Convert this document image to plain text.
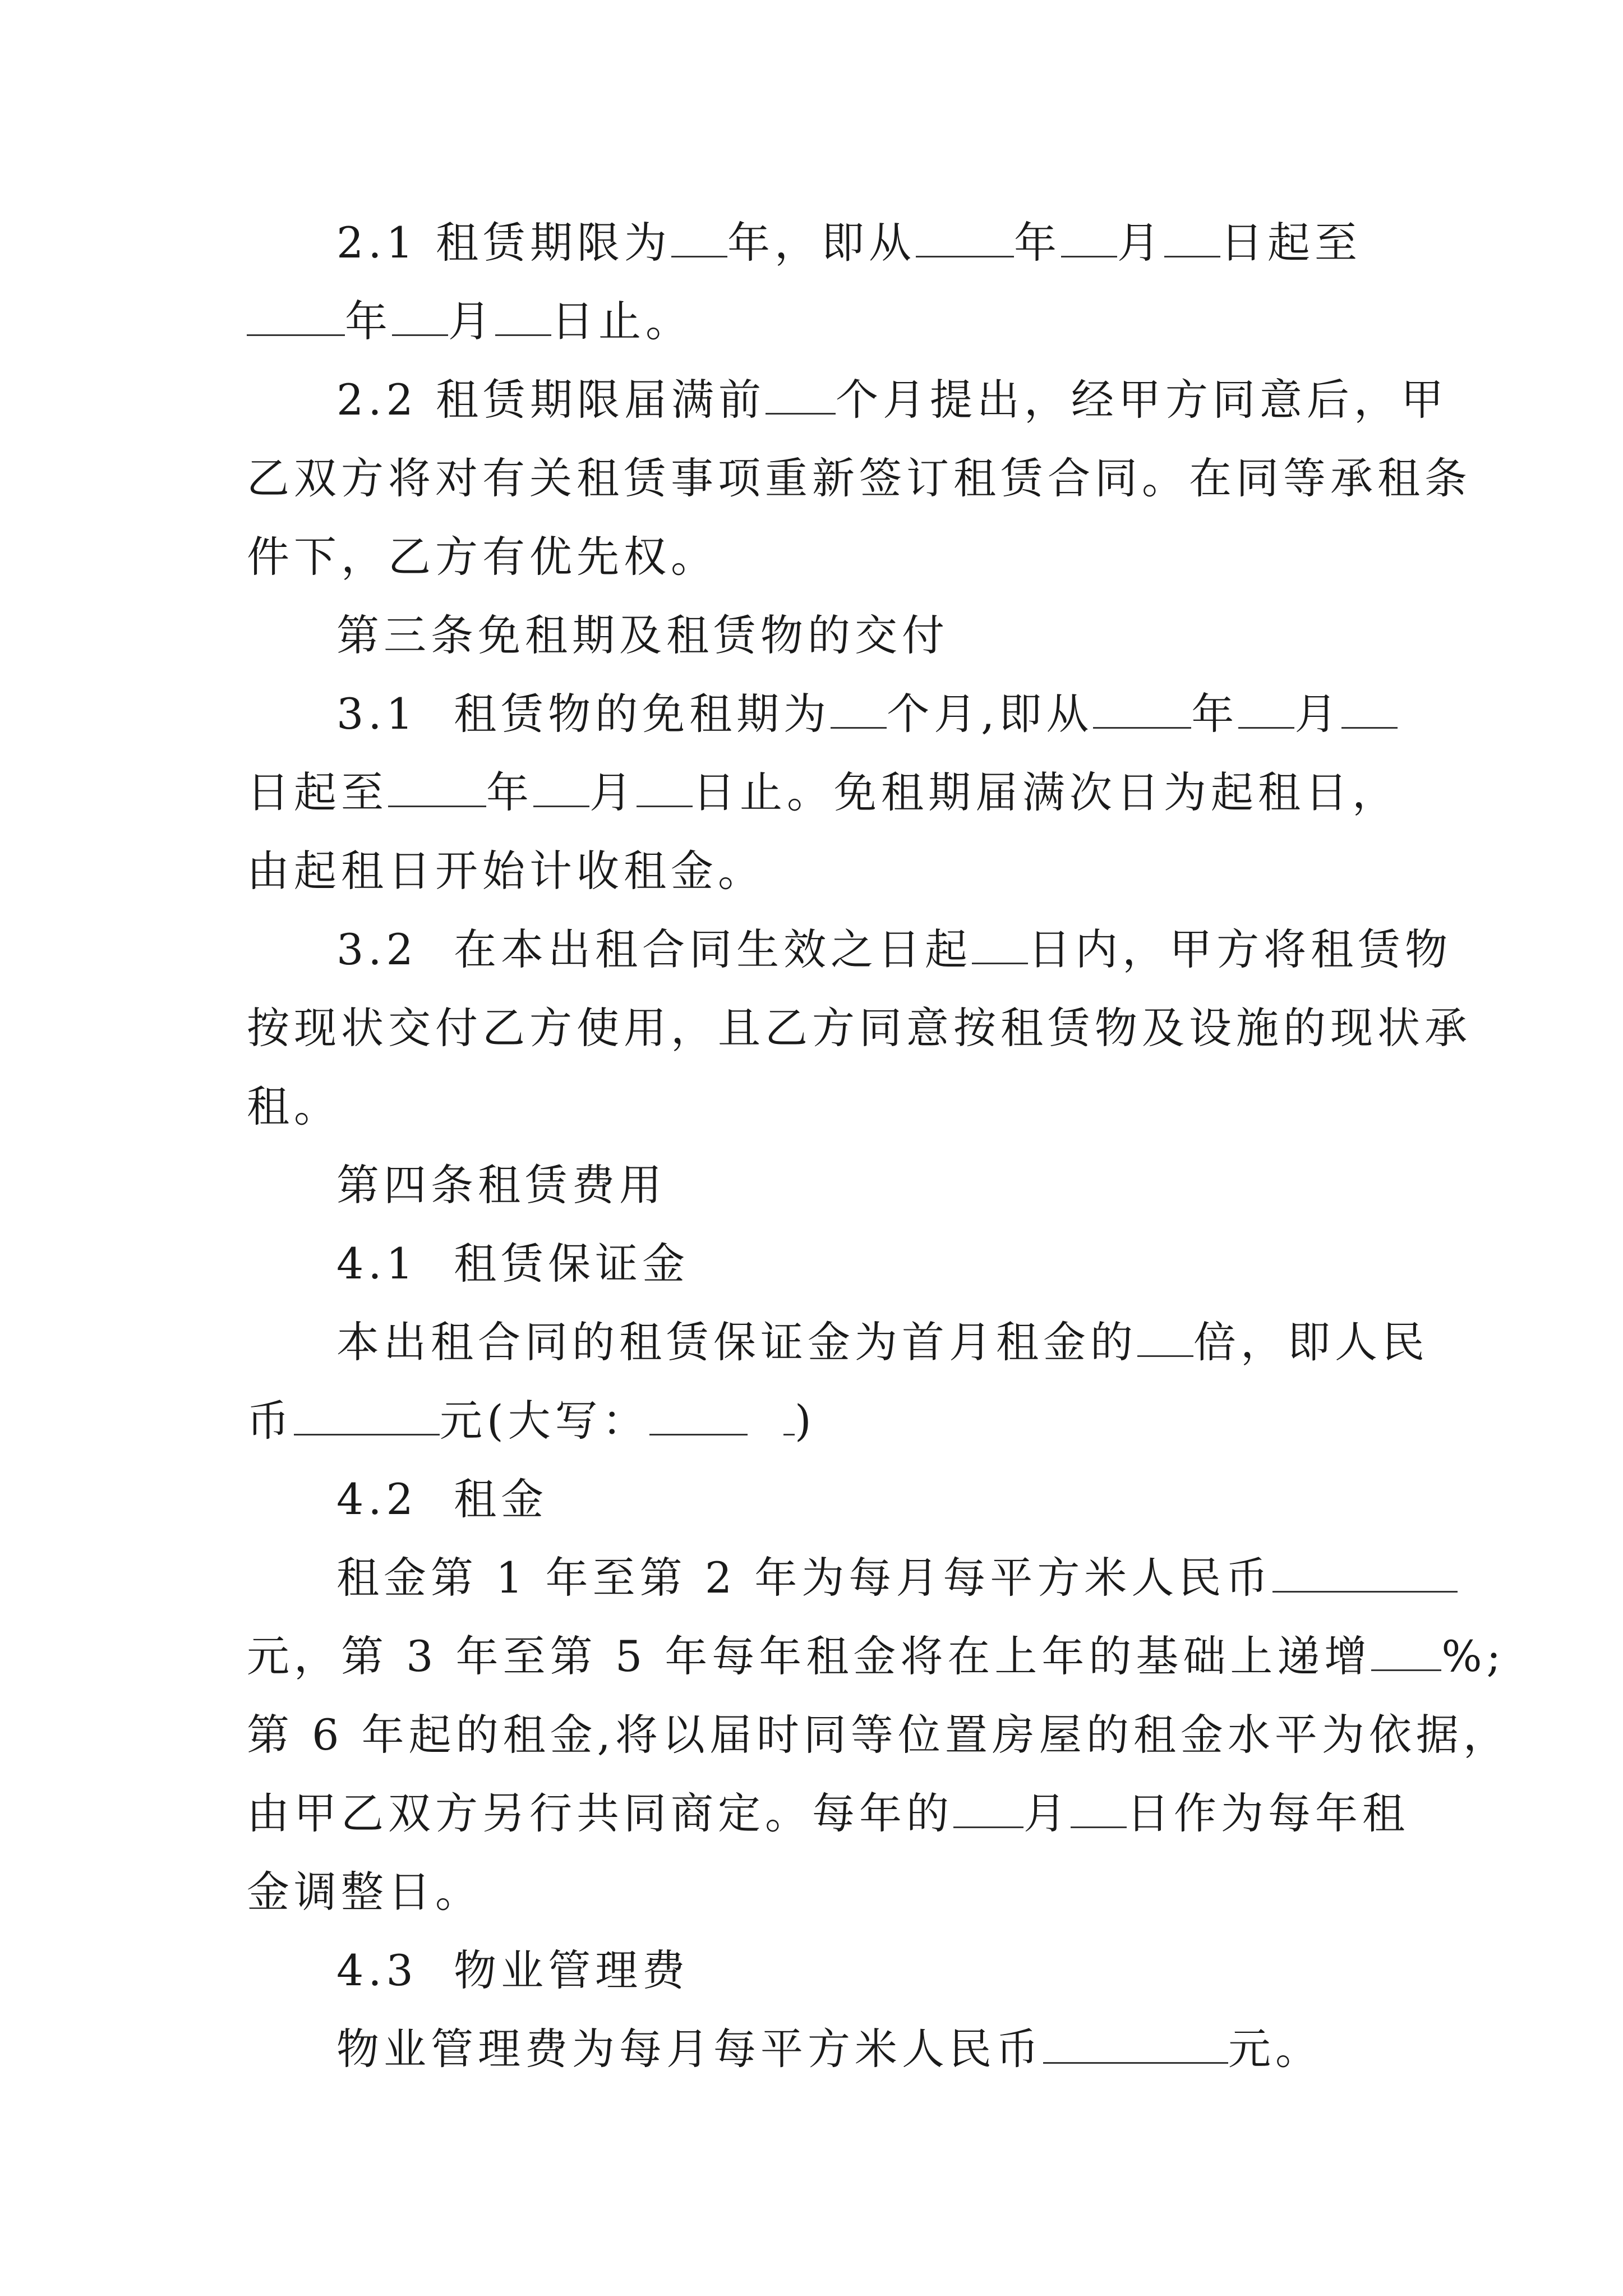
2.1 租赁期限为 年，即从 年 月 日起至
年 月 日止。
2.2 租赁期限届满前 个月提出，经甲方同意后，甲
乙双方将对有关租赁事项重新签订租赁合同。在同等承租条
件下，乙方有优先权。
第三条免租期及租赁物的交付
3.1  租赁物的免租期为 个月,即从 年 月
日起至 年 月 日止。免租期届满次日为起租日，
由起租日开始计收租金。
3.2  在本出租合同生效之日起 日内，甲方将租赁物
按现状交付乙方使用，且乙方同意按租赁物及设施的现状承
租。
第四条租赁费用
4.1  租赁保证金
本出租合同的租赁保证金为首月租金的 倍，即人民
币	元(大写：	)
4.2  租金
租金第 1 年至第 2 年为每月每平方米人民币
元，第 3 年至第 5 年每年租金将在上年的基础上递增 %;
第 6 年起的租金,将以届时同等位置房屋的租金水平为依据，
由甲乙双方另行共同商定。每年的 月 日作为每年租
金调整日。
4.3  物业管理费
物业管理费为每月每平方米人民币	元。
